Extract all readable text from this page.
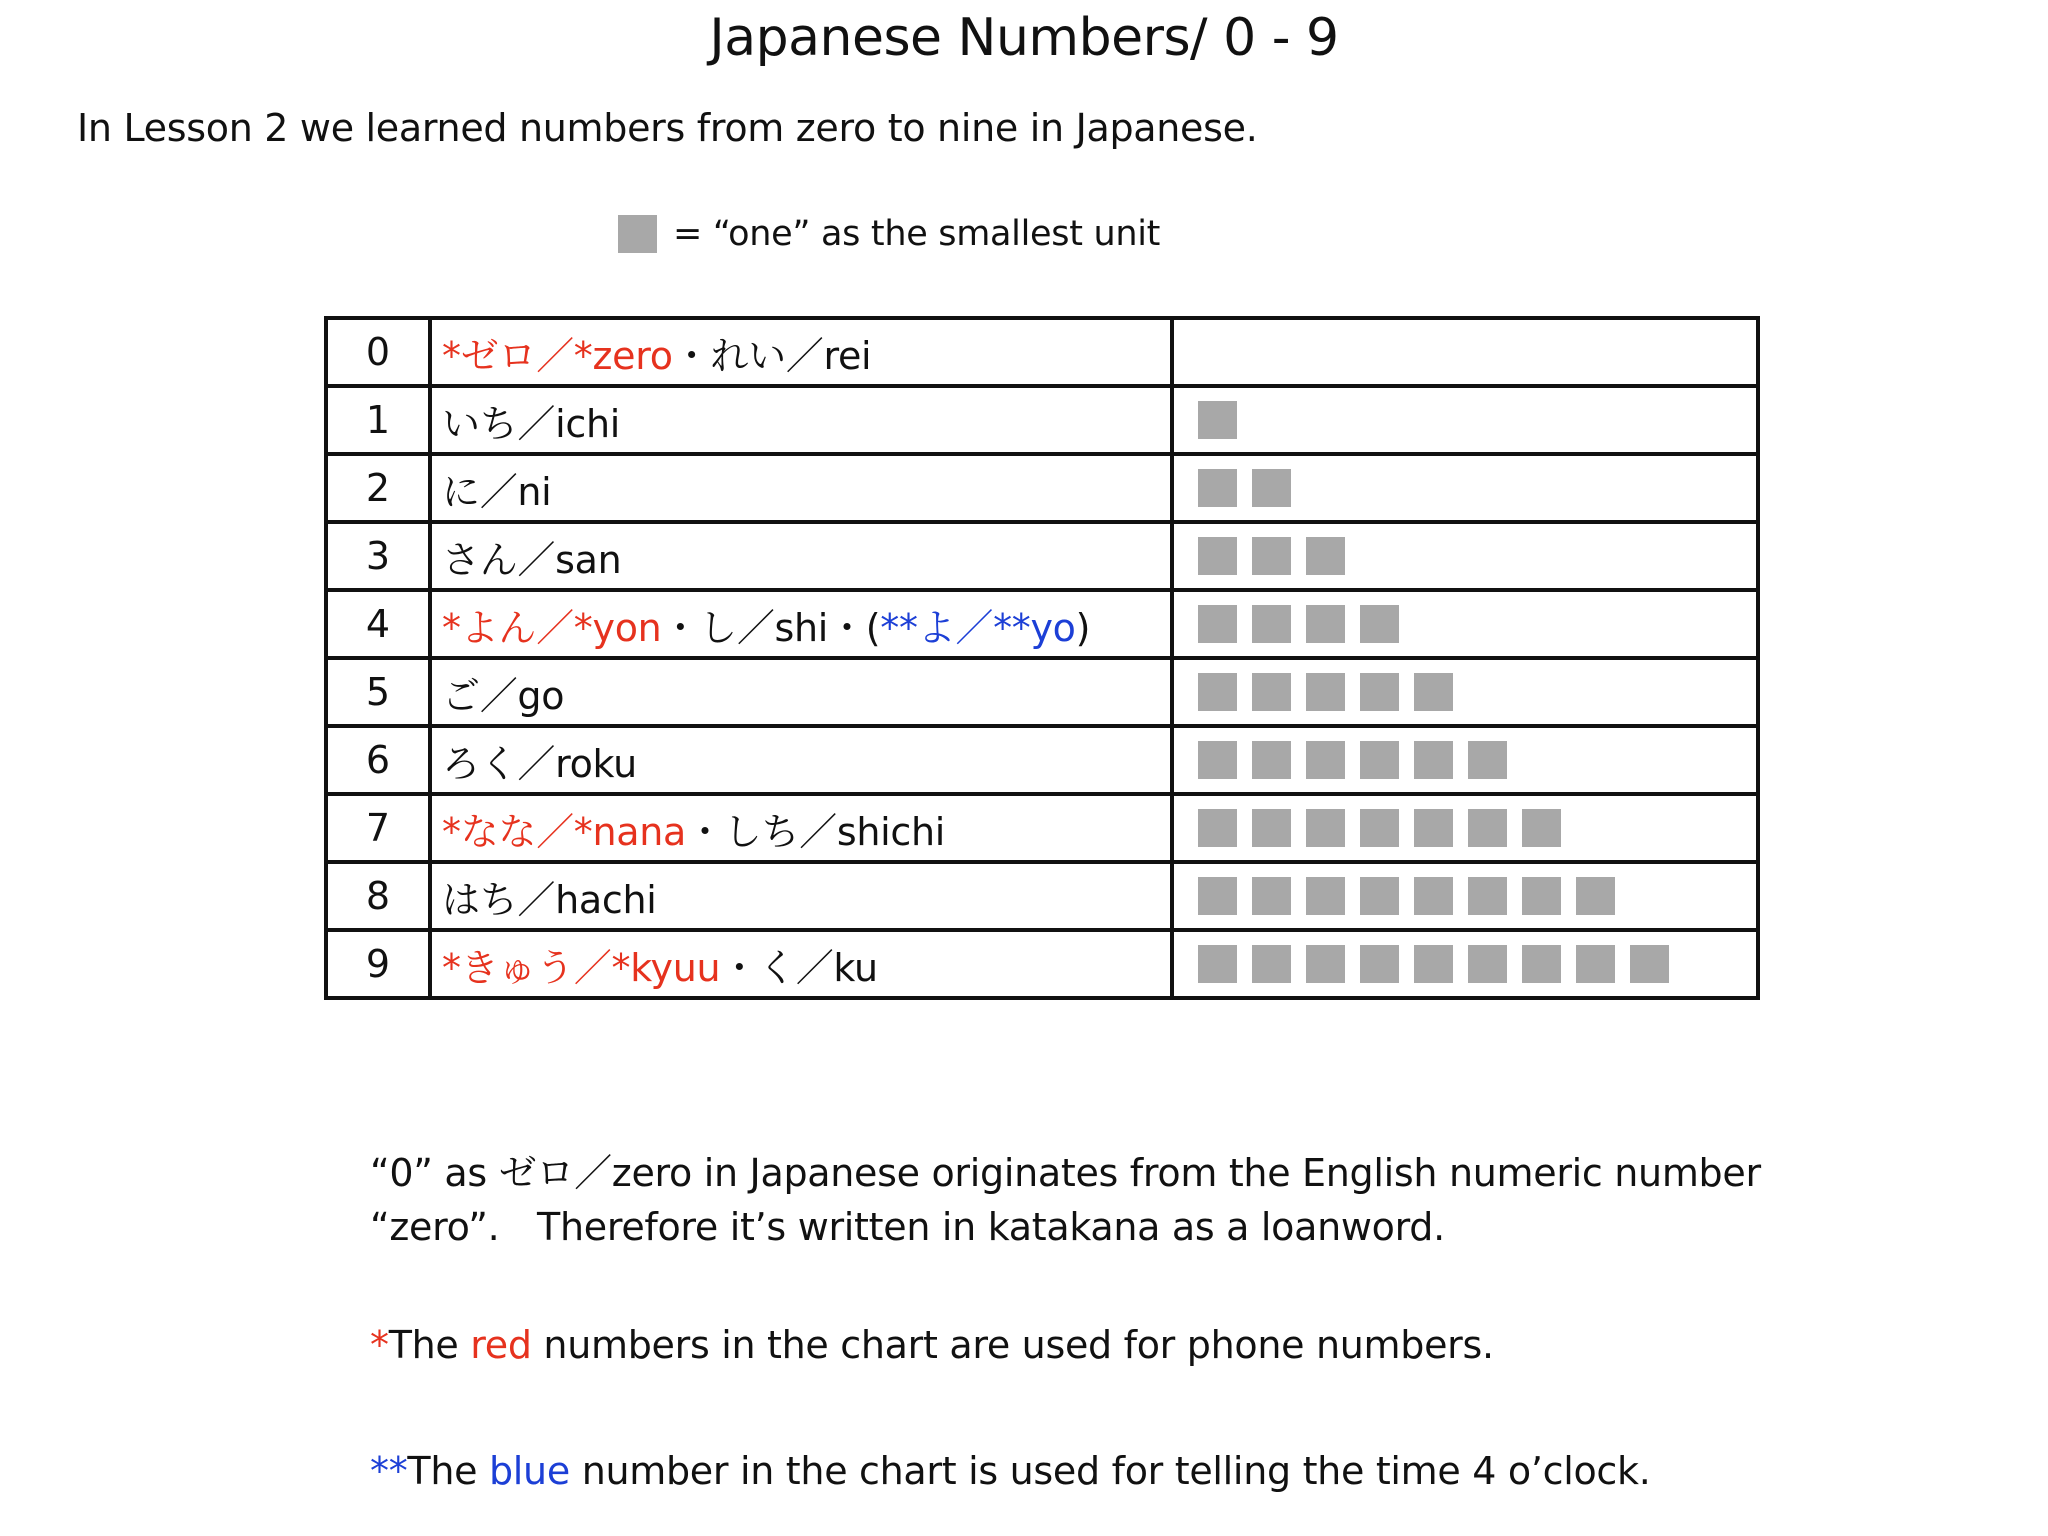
Japanese Numbers/ 0 - 9
In Lesson 2 we learned numbers from zero to nine in Japanese.
= “one” as the smallest unit
0	*ゼロ／*zero・れい／rei	

1	いち／ichi	

2	に／ni	

3	さん／san	

4	*よん／*yon・し／shi・(**よ／**yo)	

5	ご／go	

6	ろく／roku	

7	*なな／*nana・しち／shichi	

8	はち／hachi	

9	*きゅう／*kyuu・く／ku	
“0” as ゼロ／zero in Japanese originates from the English numeric number “zero”.　Therefore it’s written in katakana as a loanword.
*The red numbers in the chart are used for phone numbers.
**The blue number in the chart is used for telling the time 4 o’clock.
